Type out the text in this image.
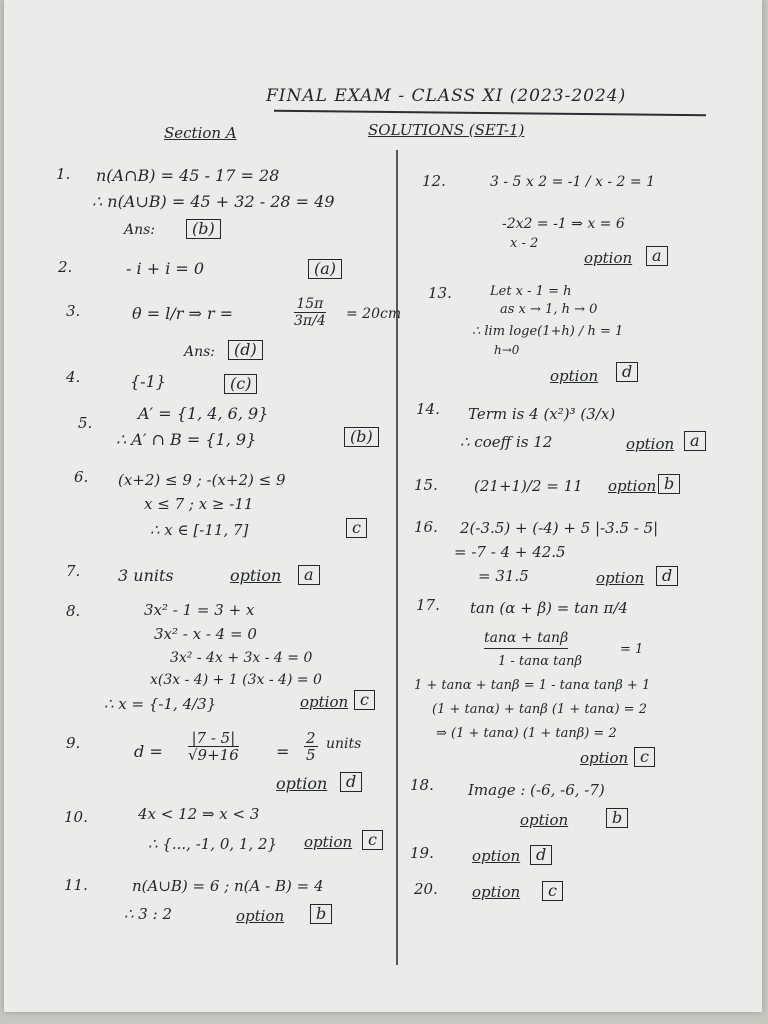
FINAL EXAM - CLASS XI (2023-2024)
Section A	SOLUTIONS (SET-1)
1. n(A∩B) = 45 - 17 = 28
∴ n(A∪B) = 45 + 32 - 28 = 49
Ans:	(b)
2.	- i + i = 0	(a)
3.	θ = l/r ⇒ r =	$\frac{15\pi}{3\pi/4} = 20cm$
Ans:	(d)
4.	{-1}	(c)
5.	A′ = {1, 4, 6, 9}
∴ A′ ∩ B = {1, 9}	(b)
6. (x+2) ≤ 9 ; -(x+2) ≤ 9
x ≤ 7 ; x ≥ -11
∴ x ∈ [-11, 7]	c
7. 3 units	option	a
8.	3x² - 1 = 3 + x
3x² - x - 4 = 0
3x² - 4x + 3x - 4 = 0
x(3x - 4) + 1 (3x - 4) = 0
∴ x = {-1, 4/3}	option c
9.	$d = \frac{|7 - 5|}{√9+16} = \frac{2}{5}$ units
option	d
10.	4x < 12 ⇒ x < 3
∴ {..., -1, 0, 1, 2} option c
11.	n(A∪B) = 6 ; n(A - B) = 4
∴ 3 : 2	option	b
12.	3 - 5 x 2 = -1 / x - 2 = 1
-2x2 = -1 ⇒ x = 6
x - 2
option	a
13.	Let x - 1 = h
as x → 1, h → 0
∴ lim loge(1+h) / h = 1
h→0
option	d
14. Term is 4 (x²)³ (3/x)
∴ coeff is 12	option a
15. (21+1)/2 = 11 option b
16. 2(-3.5) + (-4) + 5 |-3.5 - 5|
= -7 - 4 + 42.5
= 31.5	option	d
17. tan (α + β) = tan π/4
tanα + tanβ
1 - tanα tanβ
= 1
1 + tanα + tanβ = 1 - tanα tanβ + 1
(1 + tanα) + tanβ (1 + tanα) = 2
⇒ (1 + tanα) (1 + tanβ) = 2
option c
18. Image : (-6, -6, -7)
option	b
19.	option d
20. option	c
